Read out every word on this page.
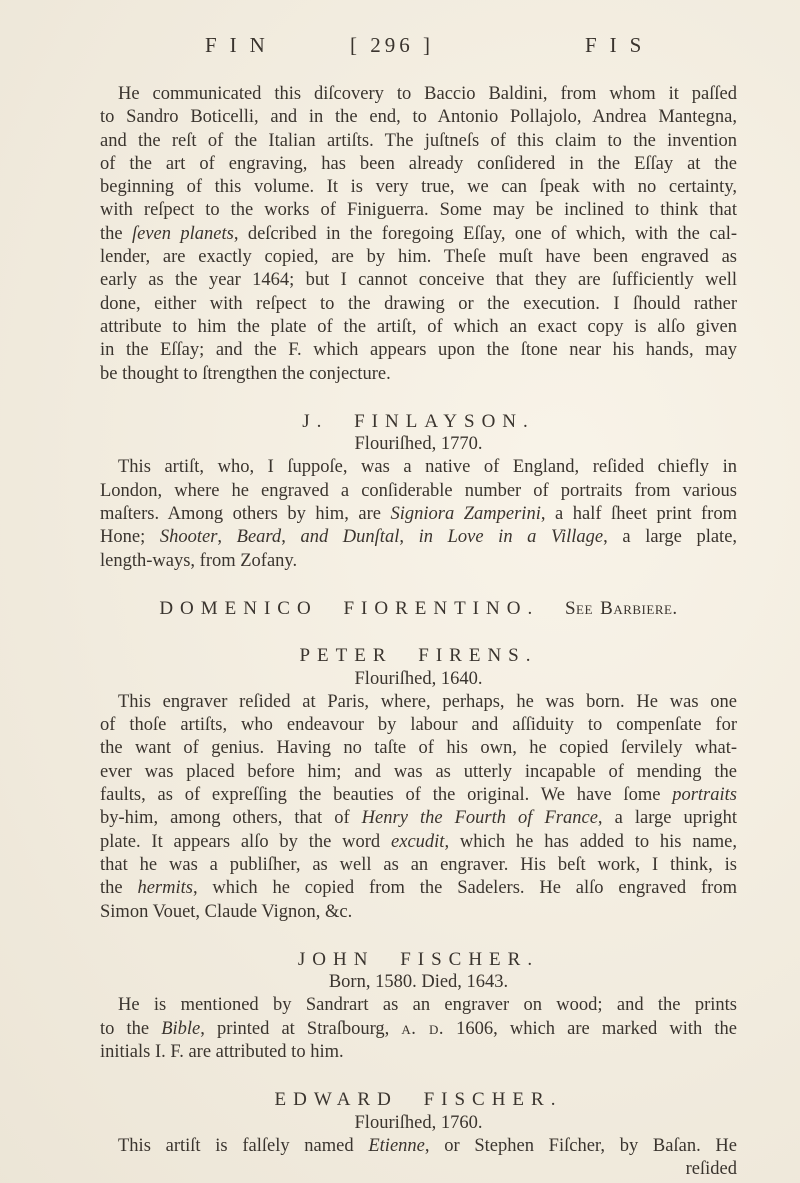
FIN	[ 296 ]	FIS
He communicated this diſcovery to Baccio Baldini, from whom it paſſed
to Sandro Boticelli, and in the end, to Antonio Pollajolo, Andrea Mantegna,
and the reſt of the Italian artiſts. The juſtneſs of this claim to the invention
of the art of engraving, has been already conſidered in the Eſſay at the
beginning of this volume. It is very true, we can ſpeak with no certainty,
with reſpect to the works of Finiguerra. Some may be inclined to think that
the ſeven planets, deſcribed in the foregoing Eſſay, one of which, with the cal-
lender, are exactly copied, are by him. Theſe muſt have been engraved as
early as the year 1464; but I cannot conceive that they are ſufficiently well
done, either with reſpect to the drawing or the execution. I ſhould rather
attribute to him the plate of the artiſt, of which an exact copy is alſo given
in the Eſſay; and the F. which appears upon the ſtone near his hands, may
be thought to ſtrengthen the conjecture.
J. FINLAYSON.
Flouriſhed, 1770.
This artiſt, who, I ſuppoſe, was a native of England, reſided chiefly in
London, where he engraved a conſiderable number of portraits from various
maſters. Among others by him, are Signiora Zamperini, a half ſheet print from
Hone; Shooter, Beard, and Dunſtal, in Love in a Village, a large plate,
length-ways, from Zofany.
DOMENICO FIORENTINO. See Barbiere.
PETER FIRENS.
Flouriſhed, 1640.
This engraver reſided at Paris, where, perhaps, he was born. He was one
of thoſe artiſts, who endeavour by labour and aſſiduity to compenſate for
the want of genius. Having no taſte of his own, he copied ſervilely what-
ever was placed before him; and was as utterly incapable of mending the
faults, as of expreſſing the beauties of the original. We have ſome portraits
by-him, among others, that of Henry the Fourth of France, a large upright
plate. It appears alſo by the word excudit, which he has added to his name,
that he was a publiſher, as well as an engraver. His beſt work, I think, is
the hermits, which he copied from the Sadelers. He alſo engraved from
Simon Vouet, Claude Vignon, &c.
JOHN FISCHER.
Born, 1580. Died, 1643.
He is mentioned by Sandrart as an engraver on wood; and the prints
to the Bible, printed at Straſbourg, a. d. 1606, which are marked with the
initials I. F. are attributed to him.
EDWARD FISCHER.
Flouriſhed, 1760.
This artiſt is falſely named Etienne, or Stephen Fiſcher, by Baſan. He
reſided
